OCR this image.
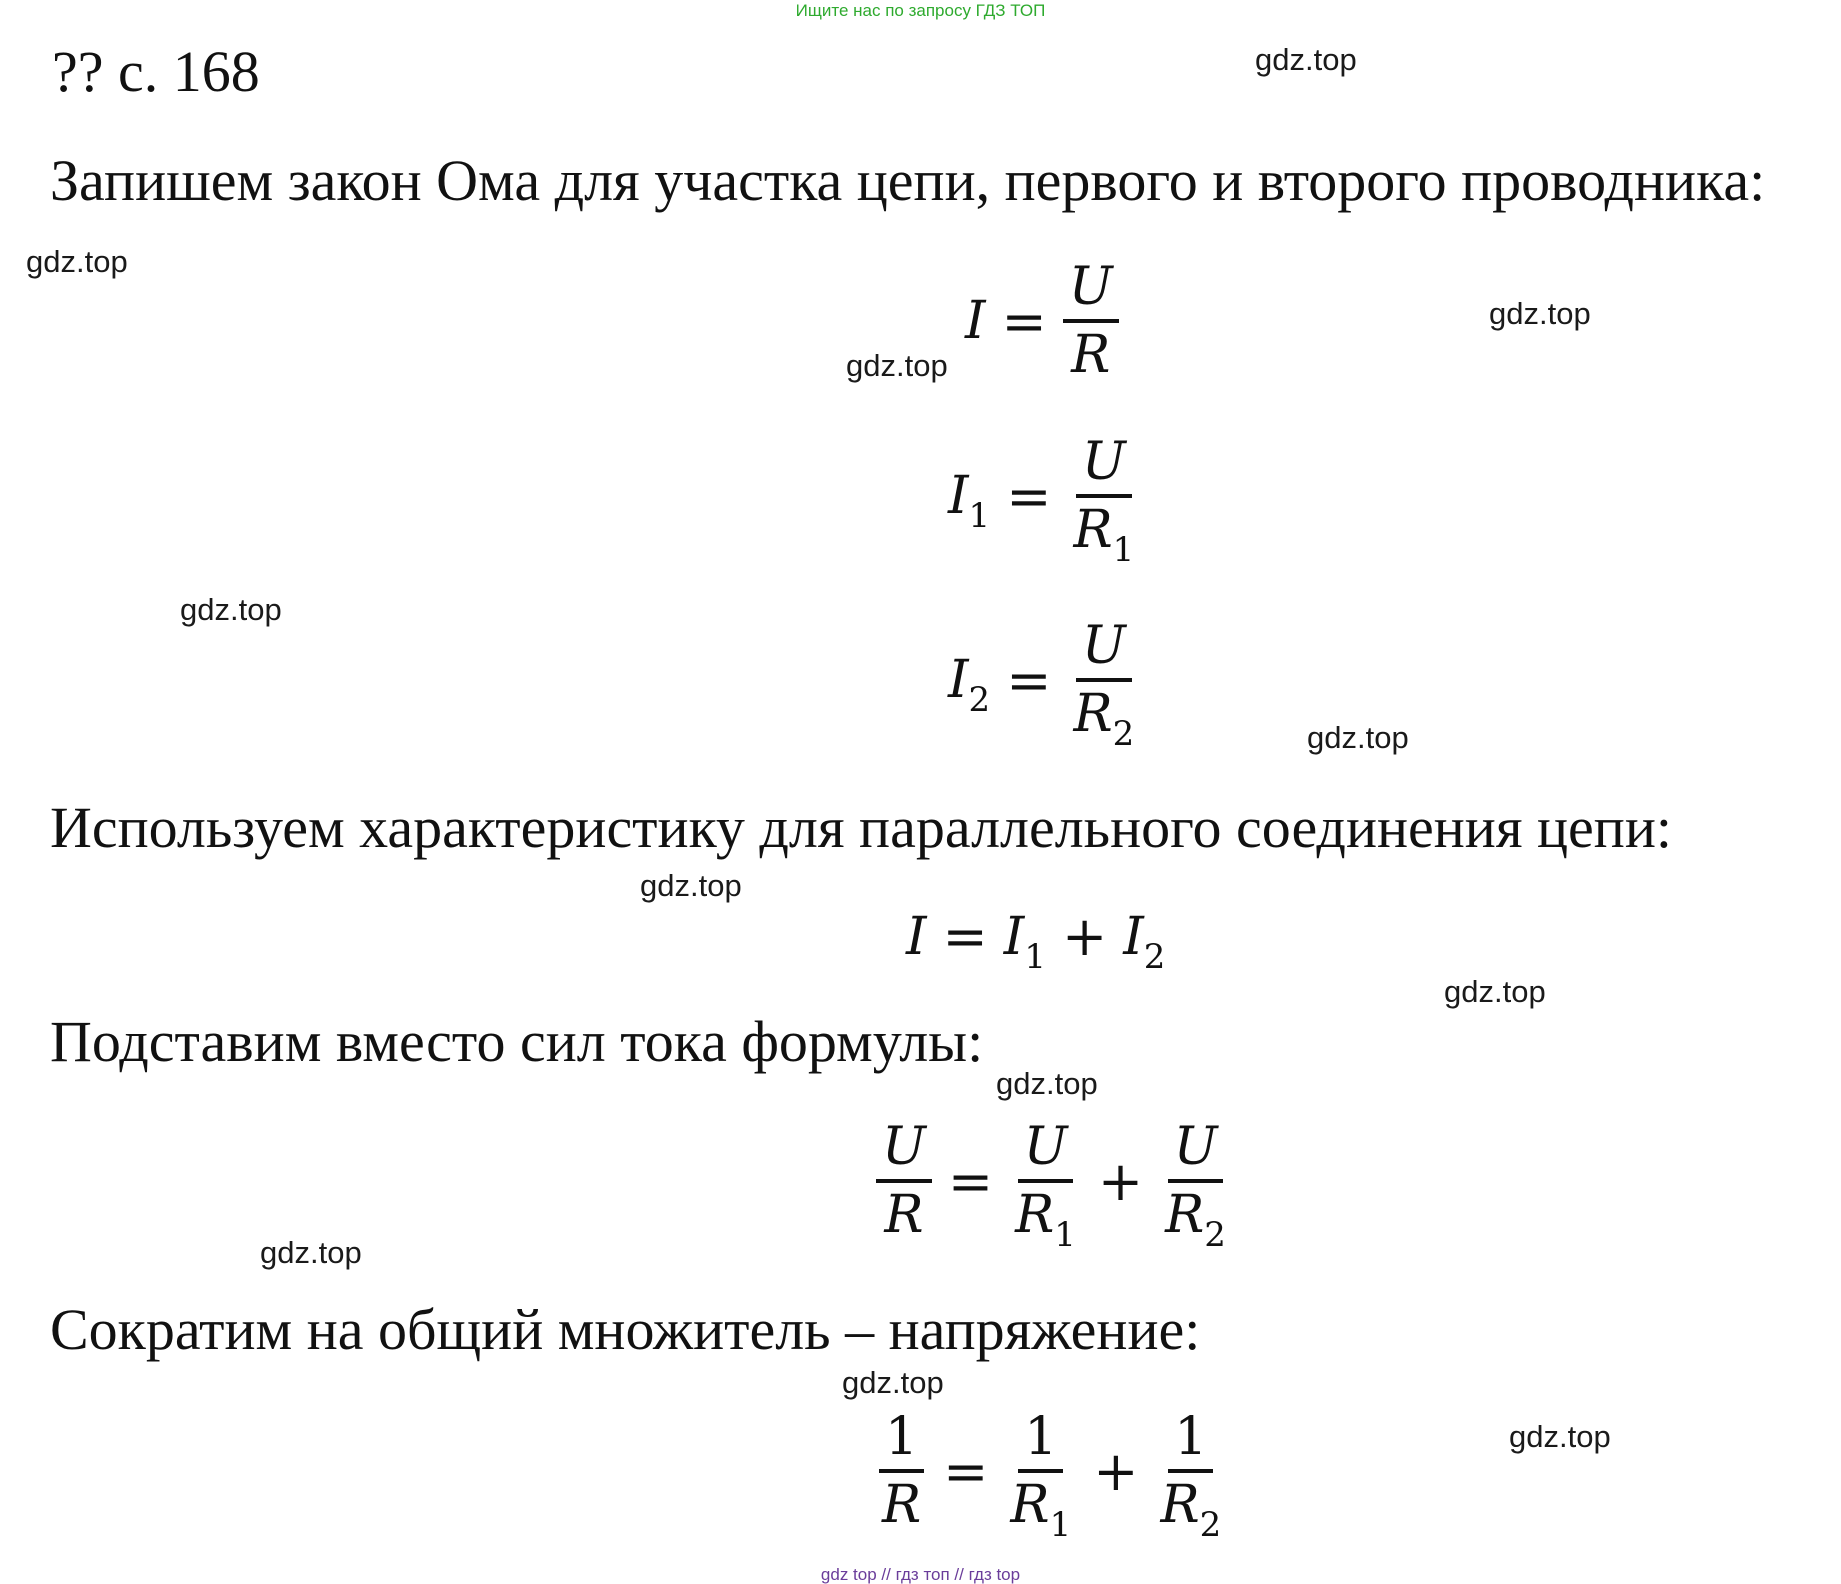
Ищите нас по запросу ГДЗ ТОП
?? с. 168
Запишем закон Ома для участка цепи, первого и второго проводника:
$I = \frac{U}{R}$
$I_1 = \frac{U}{R_1}$
$I_2 = \frac{U}{R_2}$
Используем характеристику для параллельного соединения цепи:
$I = I_1 + I_2$
Подставим вместо сил тока формулы:
$\frac{U}{R} = \frac{U}{R_1} + \frac{U}{R_2}$
Сократим на общий множитель – напряжение:
$\frac{1}{R} = \frac{1}{R_1} + \frac{1}{R_2}$
gdz.top
gdz.top
gdz.top
gdz.top
gdz.top
gdz.top
gdz.top
gdz.top
gdz.top
gdz.top
gdz.top
gdz.top
gdz top // гдз топ // гдз top
